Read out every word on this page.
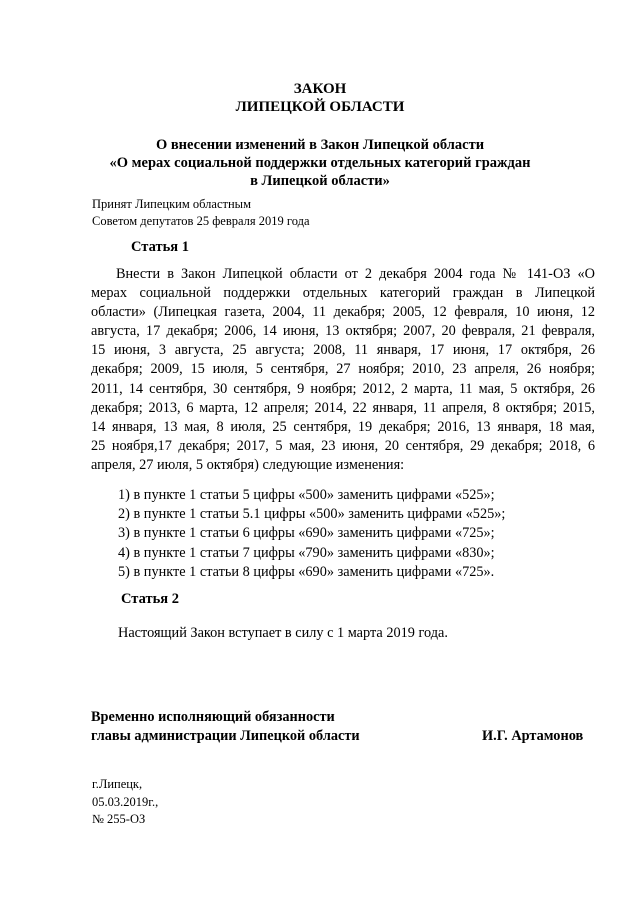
ЗАКОН
ЛИПЕЦКОЙ ОБЛАСТИ
О внесении изменений в Закон Липецкой области
«О мерах социальной поддержки отдельных категорий граждан
в Липецкой области»
Принят Липецким областным
Советом депутатов 25 февраля 2019 года
Статья 1
Внести в Закон Липецкой области от 2 декабря 2004 года № 141-ОЗ «О
мерах социальной поддержки отдельных категорий граждан в Липецкой
области» (Липецкая газета, 2004, 11 декабря; 2005, 12 февраля, 10 июня, 12
августа, 17 декабря; 2006, 14 июня, 13 октября; 2007, 20 февраля, 21 февраля,
15 июня, 3 августа, 25 августа; 2008, 11 января, 17 июня, 17 октября, 26
декабря; 2009, 15 июля, 5 сентября, 27 ноября; 2010, 23 апреля, 26 ноября;
2011, 14 сентября, 30 сентября, 9 ноября; 2012, 2 марта, 11 мая, 5 октября, 26
декабря; 2013, 6 марта, 12 апреля; 2014, 22 января, 11 апреля, 8 октября; 2015,
14 января, 13 мая, 8 июля, 25 сентября, 19 декабря; 2016, 13 января, 18 мая,
25 ноября,17 декабря; 2017, 5 мая, 23 июня, 20 сентября, 29 декабря; 2018, 6
апреля, 27 июля, 5 октября) следующие изменения:
1) в пункте 1 статьи 5 цифры «500» заменить цифрами «525»;
2) в пункте 1 статьи 5.1 цифры «500» заменить цифрами «525»;
3) в пункте 1 статьи 6 цифры «690» заменить цифрами «725»;
4) в пункте 1 статьи 7 цифры «790» заменить цифрами «830»;
5) в пункте 1 статьи 8 цифры «690» заменить цифрами «725».
Статья 2
Настоящий Закон вступает в силу с 1 марта 2019 года.
Временно исполняющий обязанности
главы администрации Липецкой области	И.Г. Артамонов
г.Липецк,
05.03.2019г.,
№ 255-ОЗ
